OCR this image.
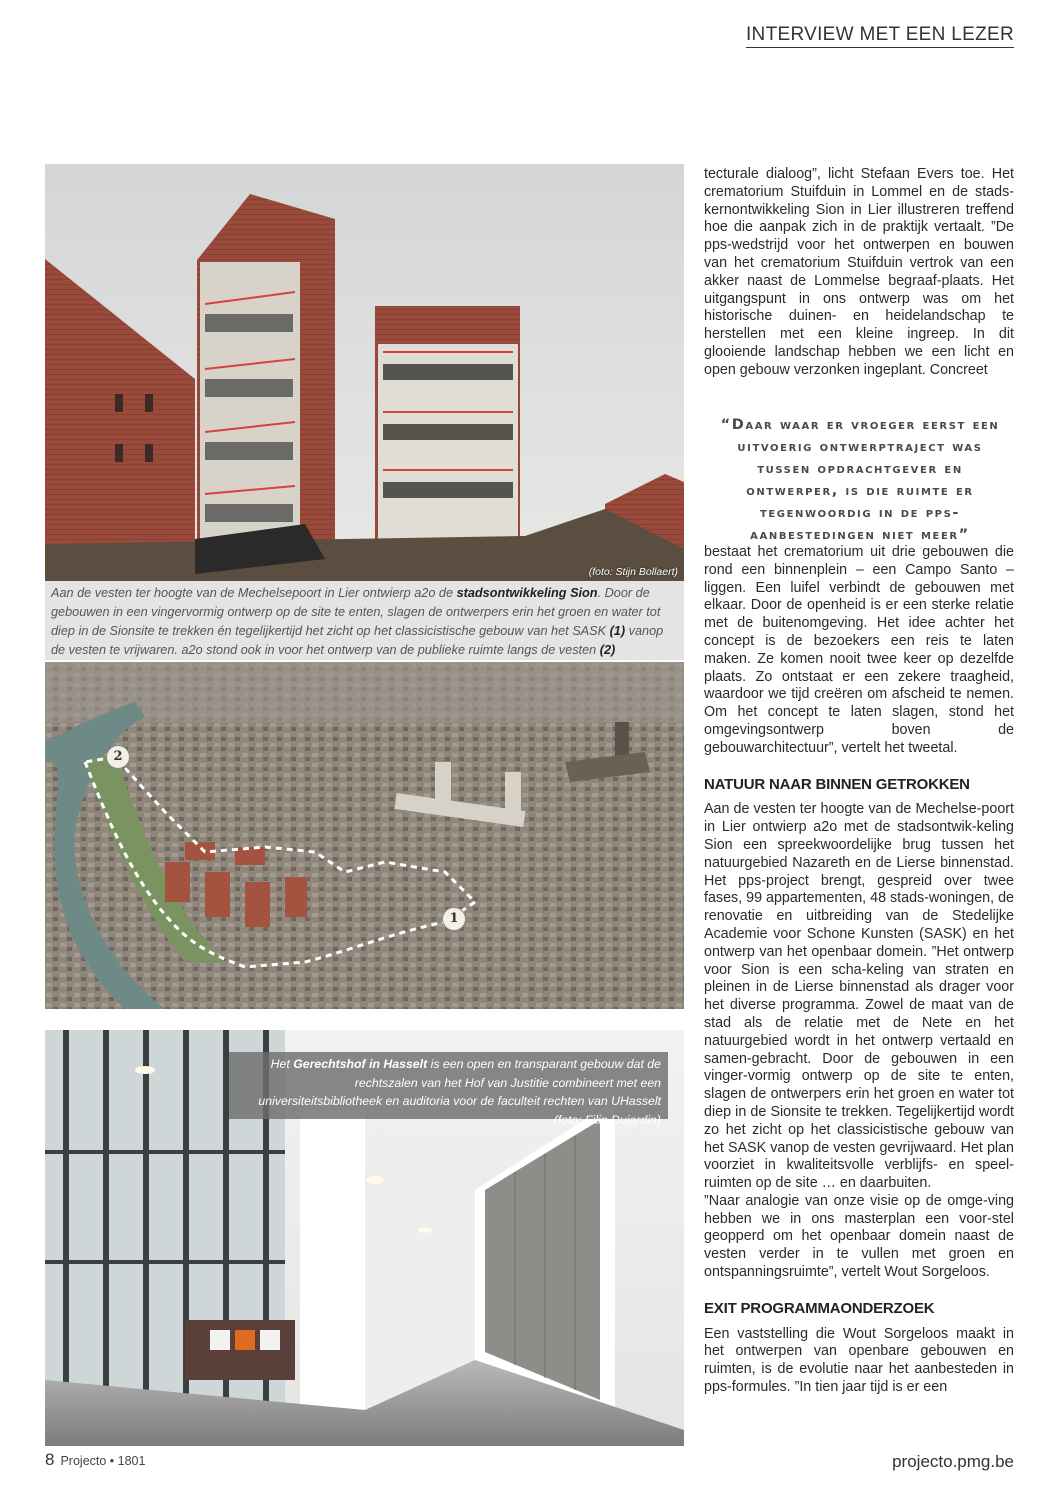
INTERVIEW MET EEN LEZER
(foto: Stijn Bollaert)
Aan de vesten ter hoogte van de Mechelsepoort in Lier ontwierp a2o de stadsontwikkeling Sion. Door de gebouwen in een vingervormig ontwerp op de site te enten, slagen de ontwerpers erin het groen en water tot diep in de Sionsite te trekken én tegelijkertijd het zicht op het classicistische gebouw van het SASK (1) vanop de vesten te vrijwaren. a2o stond ook in voor het ontwerp van de publieke ruimte langs de vesten (2)
2
1
Het Gerechtshof in Hasselt is een open en transparant gebouw dat de rechtszalen van het Hof van Justitie combineert met een universiteitsbibliotheek en auditoria voor de faculteit rechten van UHasselt (foto: Filip Dujardin)

tecturale dialoog”, licht Stefaan Evers toe. Het crematorium Stuifduin in Lommel en de stads-kernontwikkeling Sion in Lier illustreren treffend hoe die aanpak zich in de praktijk vertaalt. ”De pps-wedstrijd voor het ontwerpen en bouwen van het crematorium Stuifduin vertrok van een akker naast de Lommelse begraaf-plaats. Het uitgangspunt in ons ontwerp was om het historische duinen- en heidelandschap te herstellen met een kleine ingreep. In dit glooiende landschap hebben we een licht en open gebouw verzonken ingeplant. Concreet

“Daar waar er vroeger eerst een uitvoerig ontwerptraject was tussen opdrachtgever en ontwerper, is die ruimte er tegenwoordig in de pps-aanbestedingen niet meer”

bestaat het crematorium uit drie gebouwen die rond een binnenplein – een Campo Santo – liggen. Een luifel verbindt de gebouwen met elkaar. Door de openheid is er een sterke relatie met de buitenomgeving. Het idee achter het concept is de bezoekers een reis te laten maken. Ze komen nooit twee keer op dezelfde plaats. Zo ontstaat er een zekere traagheid, waardoor we tijd creëren om afscheid te nemen. Om het concept te laten slagen, stond het omgevingsontwerp boven de gebouwarchitectuur”, vertelt het tweetal.

NATUUR NAAR BINNEN GETROKKEN

Aan de vesten ter hoogte van de Mechelse-poort in Lier ontwierp a2o met de stadsontwik-keling Sion een spreekwoordelijke brug tussen het natuurgebied Nazareth en de Lierse binnenstad. Het pps-project brengt, gespreid over twee fases, 99 appartementen, 48 stads-woningen, de renovatie en uitbreiding van de Stedelijke Academie voor Schone Kunsten (SASK) en het ontwerp van het openbaar domein. ”Het ontwerp voor Sion is een scha-keling van straten en pleinen in de Lierse binnenstad als drager voor het diverse programma. Zowel de maat van de stad als de relatie met de Nete en het natuurgebied wordt in het ontwerp vertaald en samen-gebracht. Door de gebouwen in een vinger-vormig ontwerp op de site te enten, slagen de ontwerpers erin het groen en water tot diep in de Sionsite te trekken. Tegelijkertijd wordt zo het zicht op het classicistische gebouw van het SASK vanop de vesten gevrijwaard. Het plan voorziet in kwaliteitsvolle verblijfs- en speel-ruimten op de site … en daarbuiten.

”Naar analogie van onze visie op de omge-ving hebben we in ons masterplan een voor-stel geopperd om het openbaar domein naast de vesten verder in te vullen met groen en ontspanningsruimte”, vertelt Wout Sorgeloos.

EXIT PROGRAMMAONDERZOEK

Een vaststelling die Wout Sorgeloos maakt in het ontwerpen van openbare gebouwen en ruimten, is de evolutie naar het aanbesteden in pps-formules. ”In tien jaar tijd is er een

8 Projecto • 1801	projecto.pmg.be
